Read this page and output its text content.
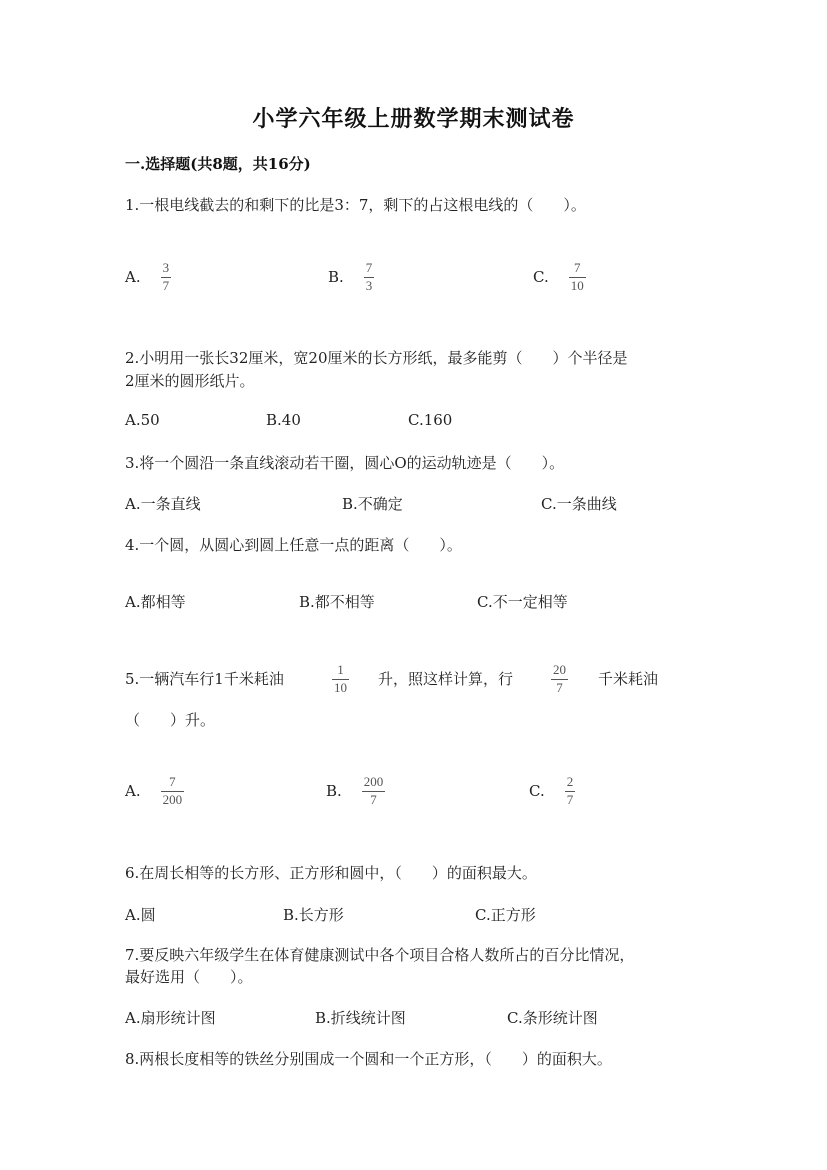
小学六年级上册数学期末测试卷
一.选择题(共8题，共16分)
1.一根电线截去的和剩下的比是3：7，剩下的占这根电线的（　　）。
A. $\frac{3}{7}$	B. $\frac{7}{3}$	C. $\frac{7}{10}$
2.小明用一张长32厘米，宽20厘米的长方形纸，最多能剪（　　）个半径是
2厘米的圆形纸片。
A.50	B.40	C.160
3.将一个圆沿一条直线滚动若干圈，圆心O的运动轨迹是（　　）。
A.一条直线	B.不确定	C.一条曲线
4.一个圆，从圆心到圆上任意一点的距离（　　）。
A.都相等	B.都不相等	C.不一定相等
5.一辆汽车行1千米耗油
1
10 升，照这样计算，行
20
7 千米耗油
（　　）升。
A. $\frac{7}{200}$	B. $\frac{200}{7}$	C. $\frac{2}{7}$
6.在周长相等的长方形、正方形和圆中，（　　）的面积最大。
A.圆	B.长方形	C.正方形
7.要反映六年级学生在体育健康测试中各个项目合格人数所占的百分比情况，
最好选用（　　）。
A.扇形统计图	B.折线统计图	C.条形统计图
8.两根长度相等的铁丝分别围成一个圆和一个正方形，（　　）的面积大。
